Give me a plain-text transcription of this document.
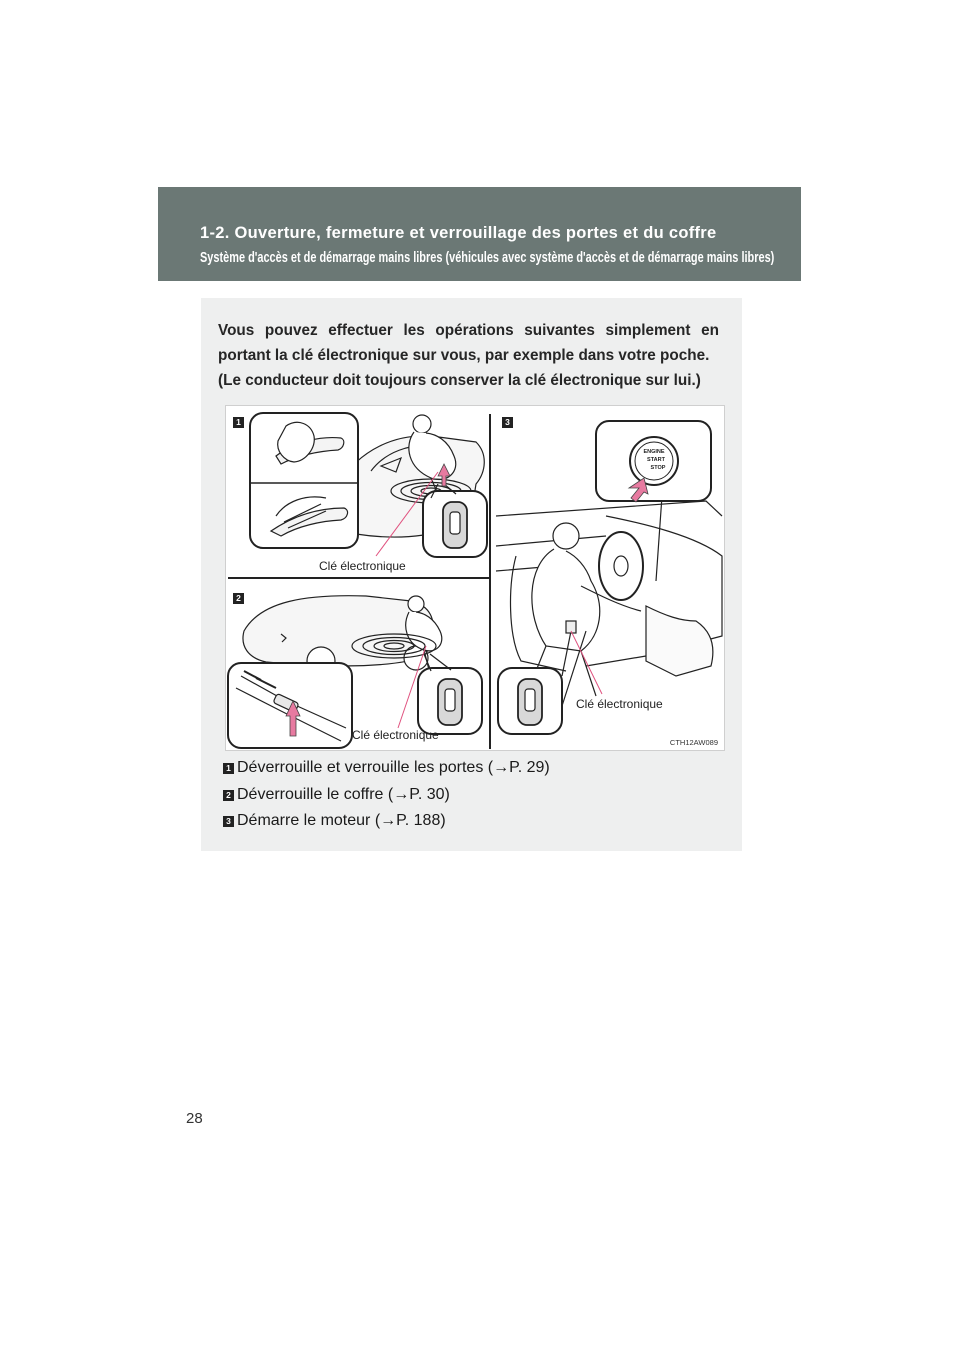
1-2. Ouverture, fermeture et verrouillage des portes et du coffre
Système d'accès et de démarrage mains libres (véhicules avec système d'accès et de démarrage mains libres)

Vous pouvez effectuer les opérations suivantes simplement en

portant la clé électronique sur vous, par exemple dans votre poche.

(Le conducteur doit toujours conserver la clé électronique sur lui.)

ENGINE
START
STOP
1
2
3
Clé électronique
Clé électronique
Clé électronique
CTH12AW089
1 Déverrouille et verrouille les portes (→P. 29)
2 Déverrouille le coffre (→P. 30)
3 Démarre le moteur (→P. 188)
28
